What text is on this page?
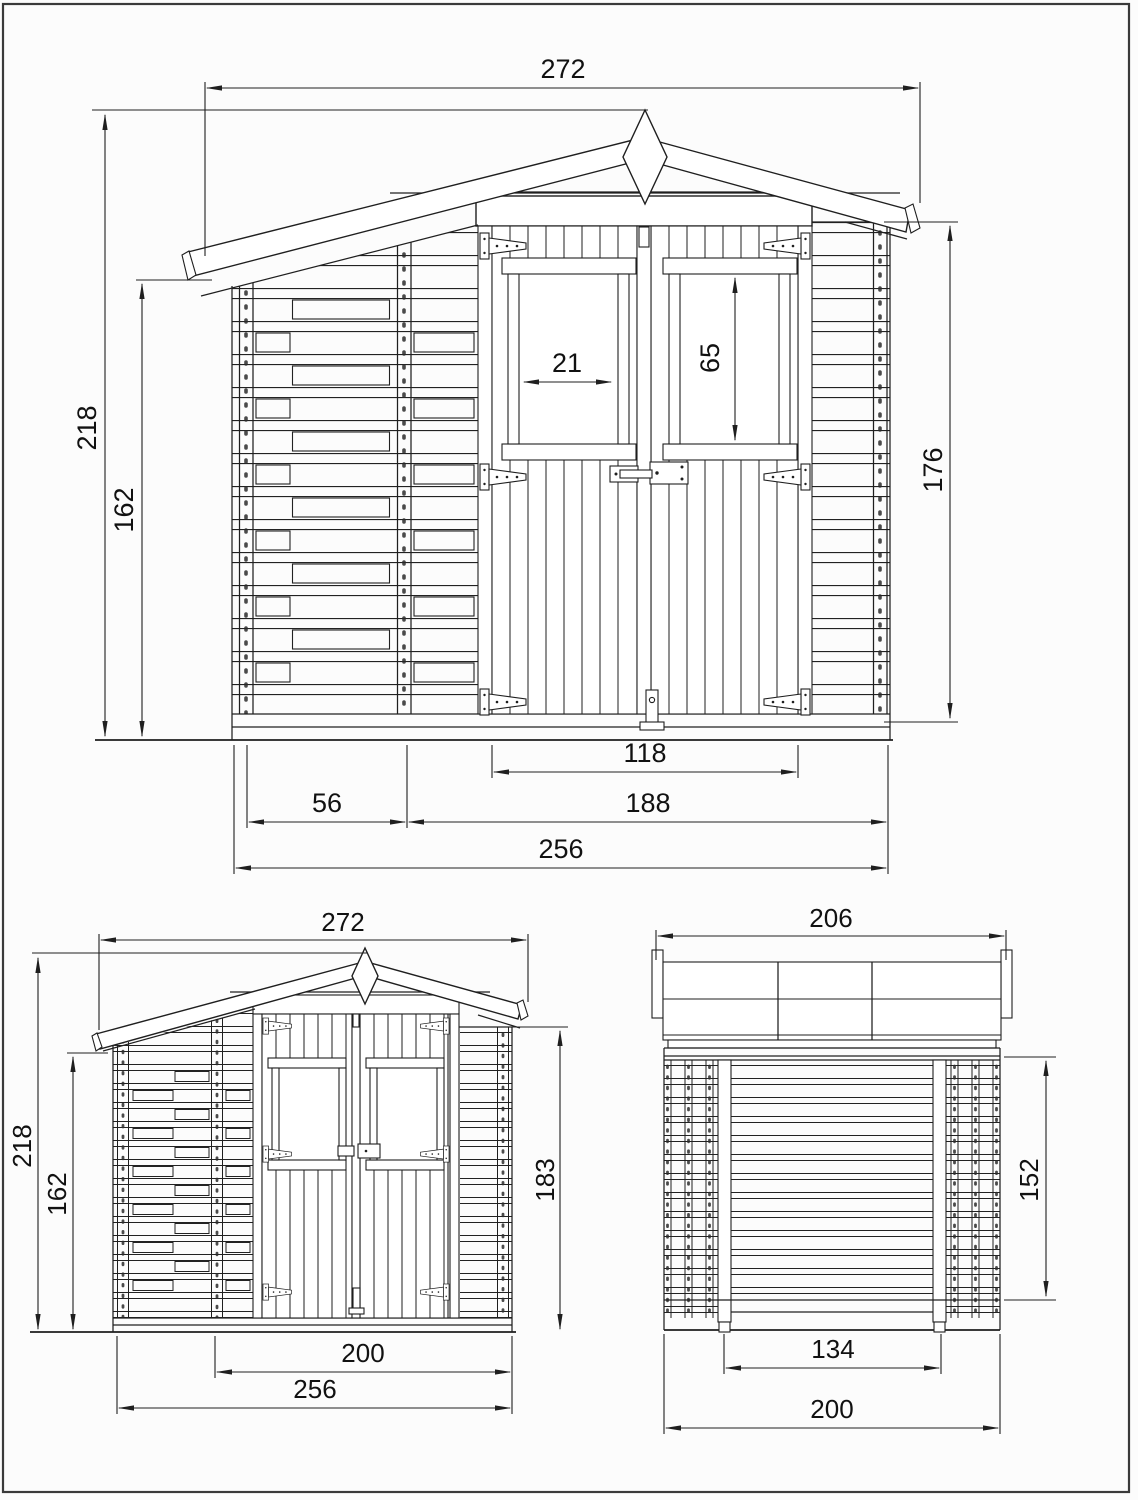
272
218
162
176
21	65
118
56	188
256
272
218
162	183
200
256
206
152
134
200
